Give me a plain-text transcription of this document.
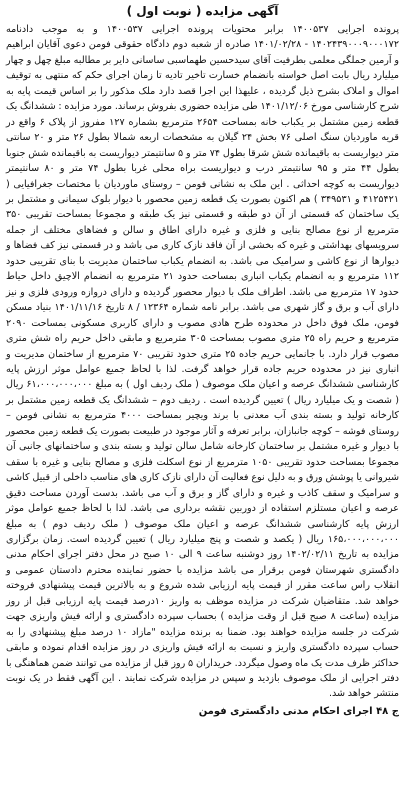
آگهی مزایده ( نوبت اول )

پرونده اجرایی ۱۴۰۰۵۳۷ برابر محتویات پرونده اجرایی ۱۴۰۰۵۳۷ و به موجب دادنامه ۱۴۰۲۴۳۹۰۰۰۹۰۰۰۱۷۲ - ۱۴۰۱/۰۲/۲۸ صادره از شعبه دوم دادگاه حقوقی فومن دعوی آقایان ابراهیم و آرمین جملگی معلمی بطرفیت آقای سیدحسین طهماسبی ساسانی دایر بر مطالبه مبلغ چهل و چهار میلیارد ریال بابت اصل خواسته بانضمام خسارت تاخیر تادیه تا زمان اجرای حکم که منتهی به توقیف اموال و املاک بشرح ذیل گردیده ، علیهذا این اجرا قصد دارد ملک مذکور را بر اساس قیمت پایه به شرح کارشناسی مورخ ۱۴۰۱/۱۲/۰۶ طی مزایده حضوری بفروش برساند. مورد مزایده : ششدانگ یک قطعه زمین مشتمل بر یکباب خانه بمساحت ۲۶۵۴ مترمربع بشماره ۱۲۷ مفروز از پلاک ۶ واقع در قریه ماوردیان سنگ اصلی ۷۶ بخش ۲۴ گیلان به مشخصات اربعه شمالا بطول ۲۶ متر و ۲۰ سانتی متر دیواریست به باقیمانده شش شرقا بطول ۷۴ متر و ۵ سانتیمتر دیواریست به باقیمانده شش جنوبا بطول ۴۴ متر و ۹۵ سانتیمتر درب و دیواریست براه محلی غربا بطول ۷۴ متر و ۸۰ سانتیمتر دیواریست به کوچه احداثی . این ملک به نشانی فومن – روستای ماوردیان با مختصات جغرافیایی ( ۴۱۲۵۴۲۱ و ۳۴۹۵۳۱ ) هم اکنون بصورت یک قطعه زمین محصور با دیوار بلوک سیمانی و مشتمل بر یک ساختمان که قسمتی از آن دو طبقه و قسمتی نیز یک طبقه و مجموعا بمساحت تقریبی ۳۵۰ مترمربع از نوع مصالح بنایی و فلزی و غیره دارای اطاق و سالن و فضاهای مختلف از جمله سرویسهای بهداشتی و غیره که بخشی از آن فاقد نازک کاری می باشد و در قسمتی نیز کف فضاها و دیوارها از نوع کاشی و سرامیک می باشد. به انضمام یکباب ساختمان مدیریت با بنای تقریبی حدود ۱۱۲ مترمربع و به انضمام یکباب انباری بمساحت حدود ۲۱ مترمربع به انضمام الاچیق داخل حیاط حدود ۱۷ مترمربع می باشد. اطراف ملک با دیوار محصور گردیده و دارای دروازه ورودی فلزی و نیز دارای آب و برق و گاز شهری می باشد. برابر نامه شماره ۱۲۳۶۴ / ۸ تاریخ ۱۴۰۱/۱۱/۱۶ بنیاد مسکن فومن، ملک فوق داخل در محدوده طرح هادی مصوب و دارای کاربری مسکونی بمساحت ۲۰۹۰ مترمربع و حریم راه ۲۵ متری مصوب بمساحت ۳۰۵ مترمربع و مابقی داخل حریم راه شش متری مصوب قرار دارد. با جانمایی حریم جاده ۲۵ متری حدود تقریبی ۷۰ مترمربع از ساختمان مدیریت و انباری نیز در محدوده حریم جاده قرار خواهد گرفت. لذا با لحاظ جمیع عوامل موثر ارزش پایه کارشناسی ششدانگ عرصه و اعیان ملک موصوف ( ملک ردیف اول ) به مبلغ ۶۱،۰۰۰،۰۰۰،۰۰۰ ریال ( شصت و یک میلیارد ریال ) تعیین گردیده است . ردیف دوم – ششدانگ یک قطعه زمین مشتمل بر کارخانه تولید و بسته بندی آب معدنی با برند ویچیر بمساحت ۴۰۰۰ مترمربع به نشانی فومن – روستای فوشه – کوچه جانبازان، برابر تعرفه و آثار موجود در طبیعت بصورت یک قطعه زمین محصور با دیوار و غیره مشتمل بر ساختمان کارخانه شامل سالن تولید و بسته بندی و ساختمانهای جانبی آن مجموعا بمساحت حدود تقریبی ۱۰۵۰ مترمربع از نوع اسکلت فلزی و مصالح بنایی و غیره با سقف شیروانی یا پوشش ورق و به دلیل نوع فعالیت آن دارای نازک کاری های مناسب داخلی از قبیل کاشی و سرامیک و سقف کاذب و غیره و دارای گاز و برق و آب می باشد. بدست آوردن مساحت دقیق عرصه و اعیان مستلزم استفاده از دوربین نقشه برداری می باشد. لذا با لحاظ جمیع عوامل موثر ارزش پایه کارشناسی ششدانگ عرصه و اعیان ملک موصوف ( ملک ردیف دوم ) به مبلغ ۱۶۵،۰۰۰،۰۰۰،۰۰۰ ریال ( یکصد و شصت و پنج میلیارد ریال ) تعیین گردیده است. زمان برگزاری مزایده به تاریخ ۱۴۰۲/۰۲/۱۱ روز دوشنبه ساعت ۹ الی ۱۰ صبح در محل دفتر اجرای احکام مدنی دادگستری شهرستان فومن برقرار می باشد مزایده با حضور نماینده محترم دادستان عمومی و انقلاب راس ساعت مقرر از قیمت پایه ارزیابی شده شروع و به بالاترین قیمت پیشنهادی فروخته خواهد شد. متقاضیان شرکت در مزایده موظف به واریز ۱۰درصد قیمت پایه ارزیابی قبل از روز مزایده (ساعت ۸ صبح قبل از وقت مزایده ) بحساب سپرده دادگستری و ارائه فیش واریزی جهت شرکت در جلسه مزایده خواهند بود. ضمنا به برنده مزایده "مازاد ۱۰ درصد مبلغ پیشنهادی را به حساب سپرده دادگستری واریز و نسبت به ارائه فیش واریزی در روز مزایده اقدام نموده و مابقی حداکثر ظرف مدت یک ماه وصول میگردد. خریداران ۵ روز قبل از مزایده می توانند ضمن هماهنگی با دفتر اجرایی از ملک موصوف بازدید و سپس در مزایده شرکت نمایند . این آگهی فقط در یک نوبت منتشر خواهد شد.

ج ۴۸ اجرای احکام مدنی دادگستری فومن
